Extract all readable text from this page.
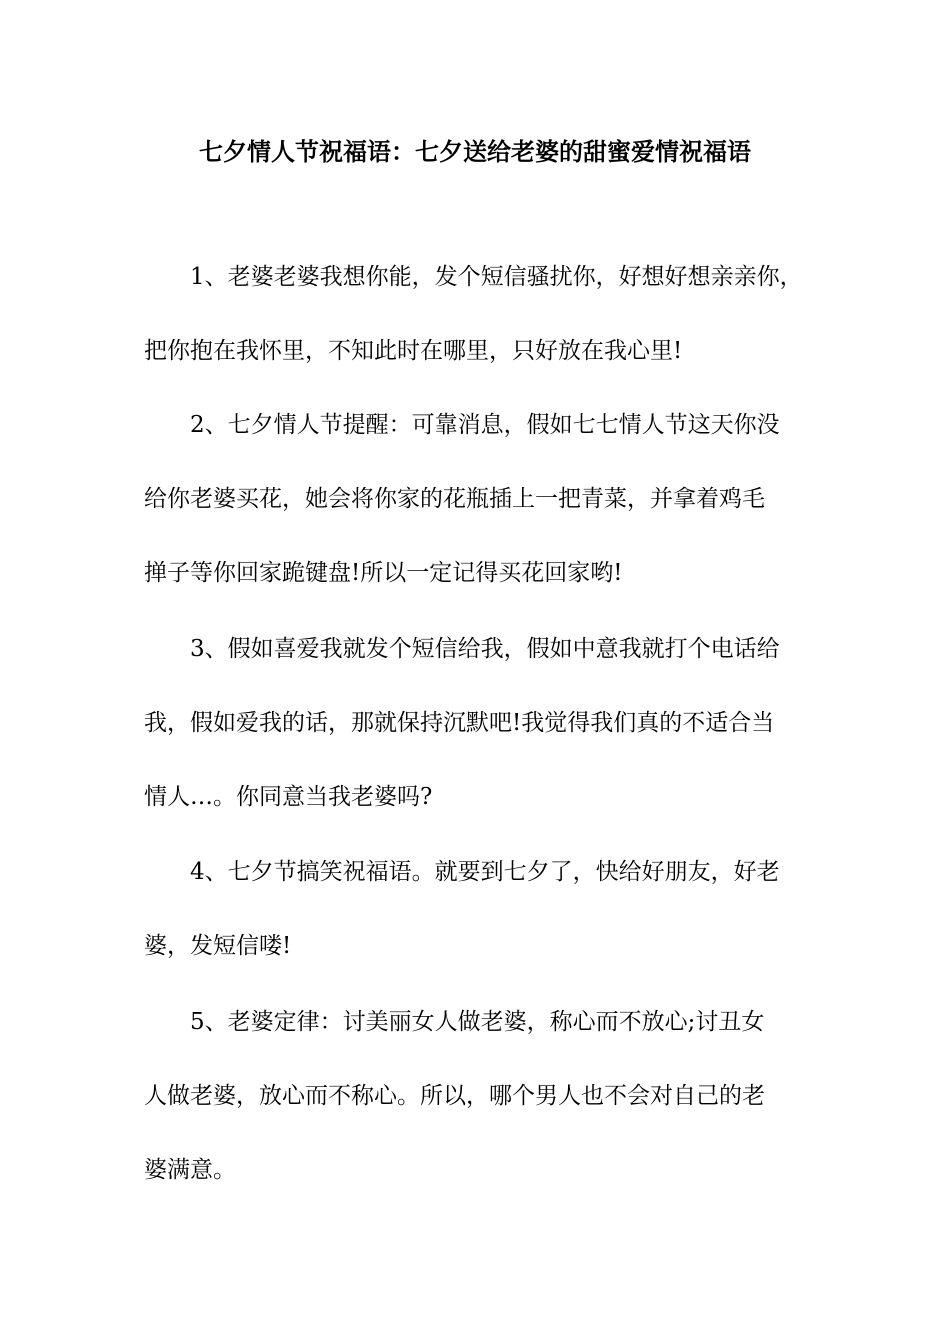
七夕情人节祝福语：七夕送给老婆的甜蜜爱情祝福语
1、老婆老婆我想你能，发个短信骚扰你，好想好想亲亲你，
把你抱在我怀里，不知此时在哪里，只好放在我心里!
2、七夕情人节提醒：可靠消息，假如七七情人节这天你没
给你老婆买花，她会将你家的花瓶插上一把青菜，并拿着鸡毛
掸子等你回家跪键盘!所以一定记得买花回家哟!
3、假如喜爱我就发个短信给我，假如中意我就打个电话给
我，假如爱我的话，那就保持沉默吧!我觉得我们真的不适合当
情人…。你同意当我老婆吗?
4、七夕节搞笑祝福语。就要到七夕了，快给好朋友，好老
婆，发短信喽!
5、老婆定律：讨美丽女人做老婆，称心而不放心;讨丑女
人做老婆，放心而不称心。所以，哪个男人也不会对自己的老
婆满意。
